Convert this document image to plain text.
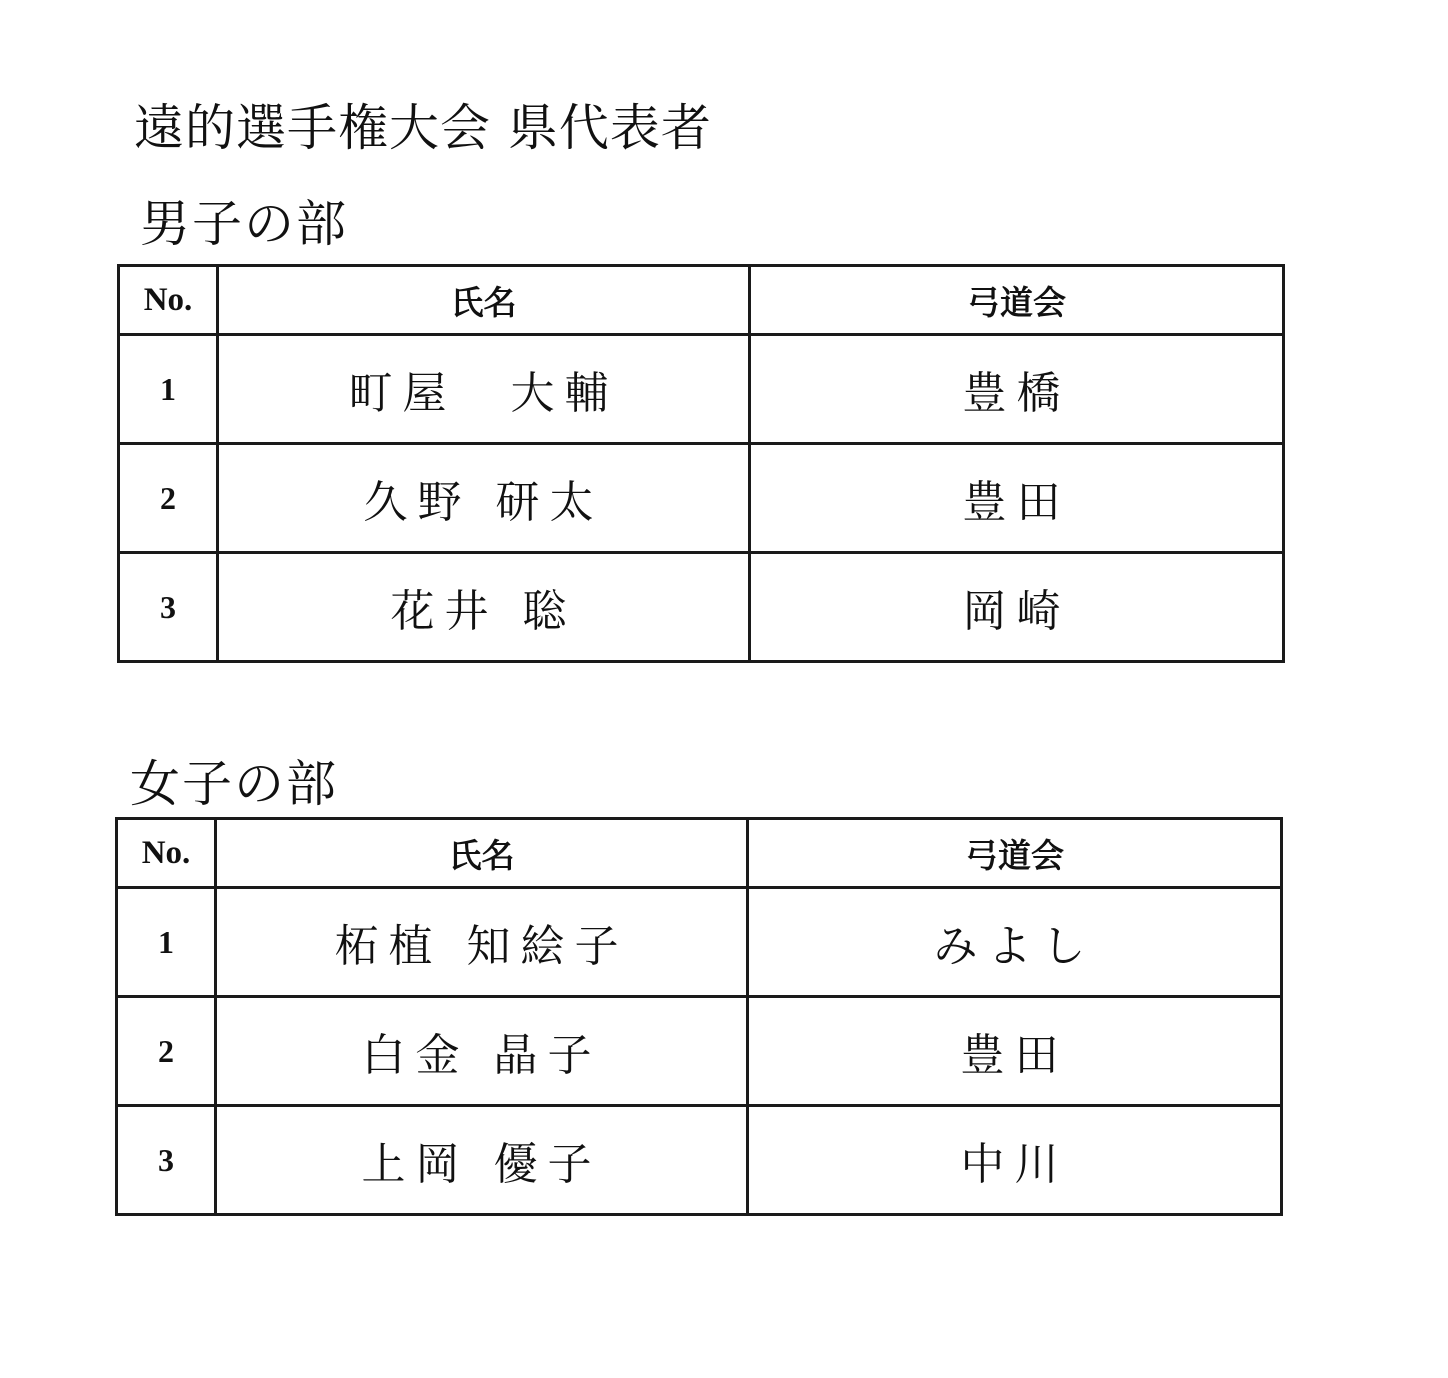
遠的選手権大会 県代表者
男子の部
No.	氏名	弓道会
1	町屋　大輔	豊橋
2	久野 研太	豊田
3	花井 聡	岡崎
女子の部
No.	氏名	弓道会
1	柘植 知絵子	みよし
2	白金 晶子	豊田
3	上岡 優子	中川
